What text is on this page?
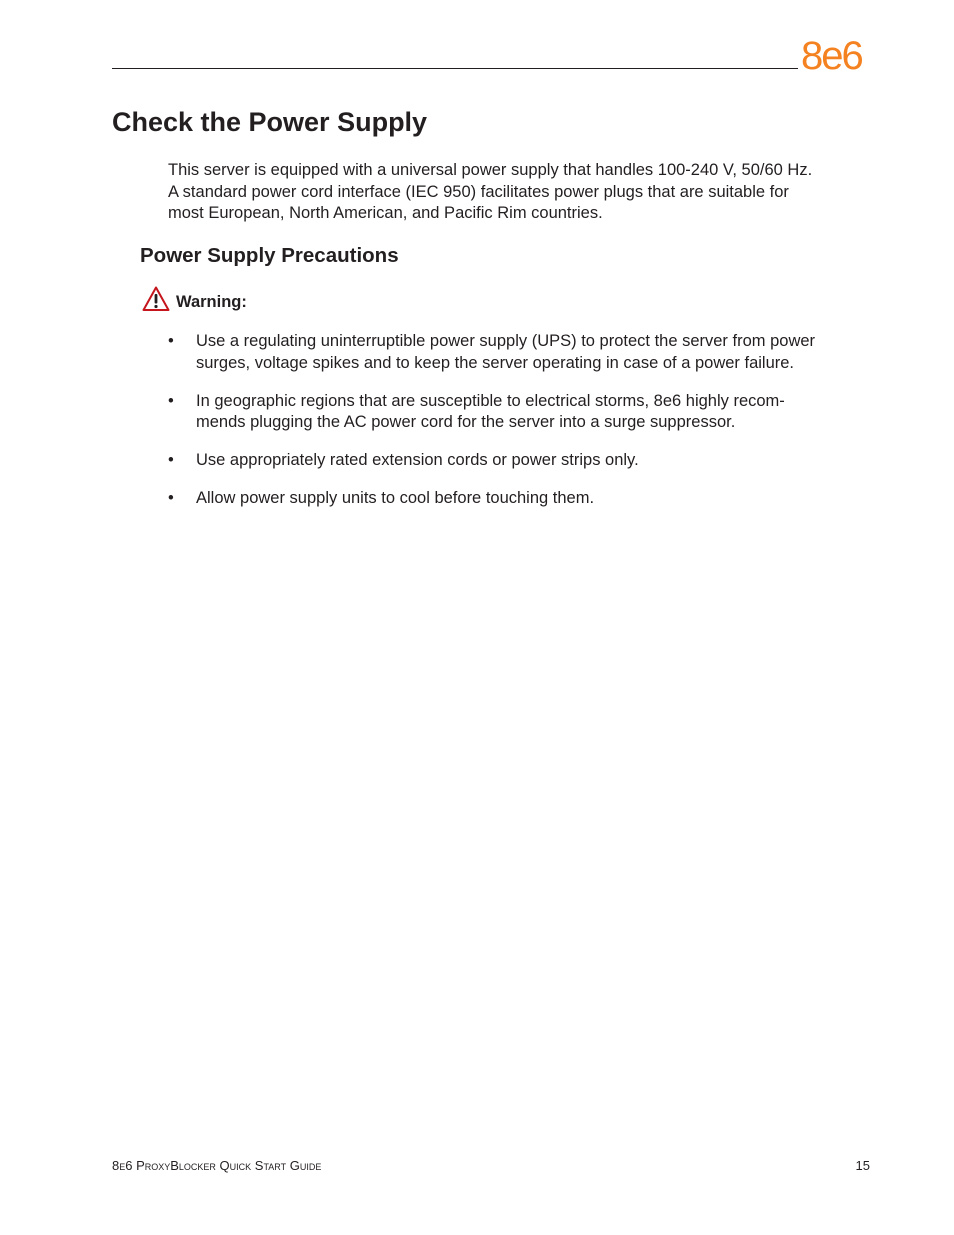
8e6
Check the Power Supply
This server is equipped with a universal power supply that handles 100-240 V, 50/60 Hz.
A standard power cord interface (IEC 950) facilitates power plugs that are suitable for
most European, North American, and Pacific Rim countries.
Power Supply Precautions
Warning:
• Use a regulating uninterruptible power supply (UPS) to protect the server from power
surges, voltage spikes and to keep the server operating in case of a power failure.
• In geographic regions that are susceptible to electrical storms, 8e6 highly recom-
mends plugging the AC power cord for the server into a surge suppressor.
• Use appropriately rated extension cords or power strips only.
• Allow power supply units to cool before touching them.
8e6 ProxyBlocker Quick Start Guide	15
